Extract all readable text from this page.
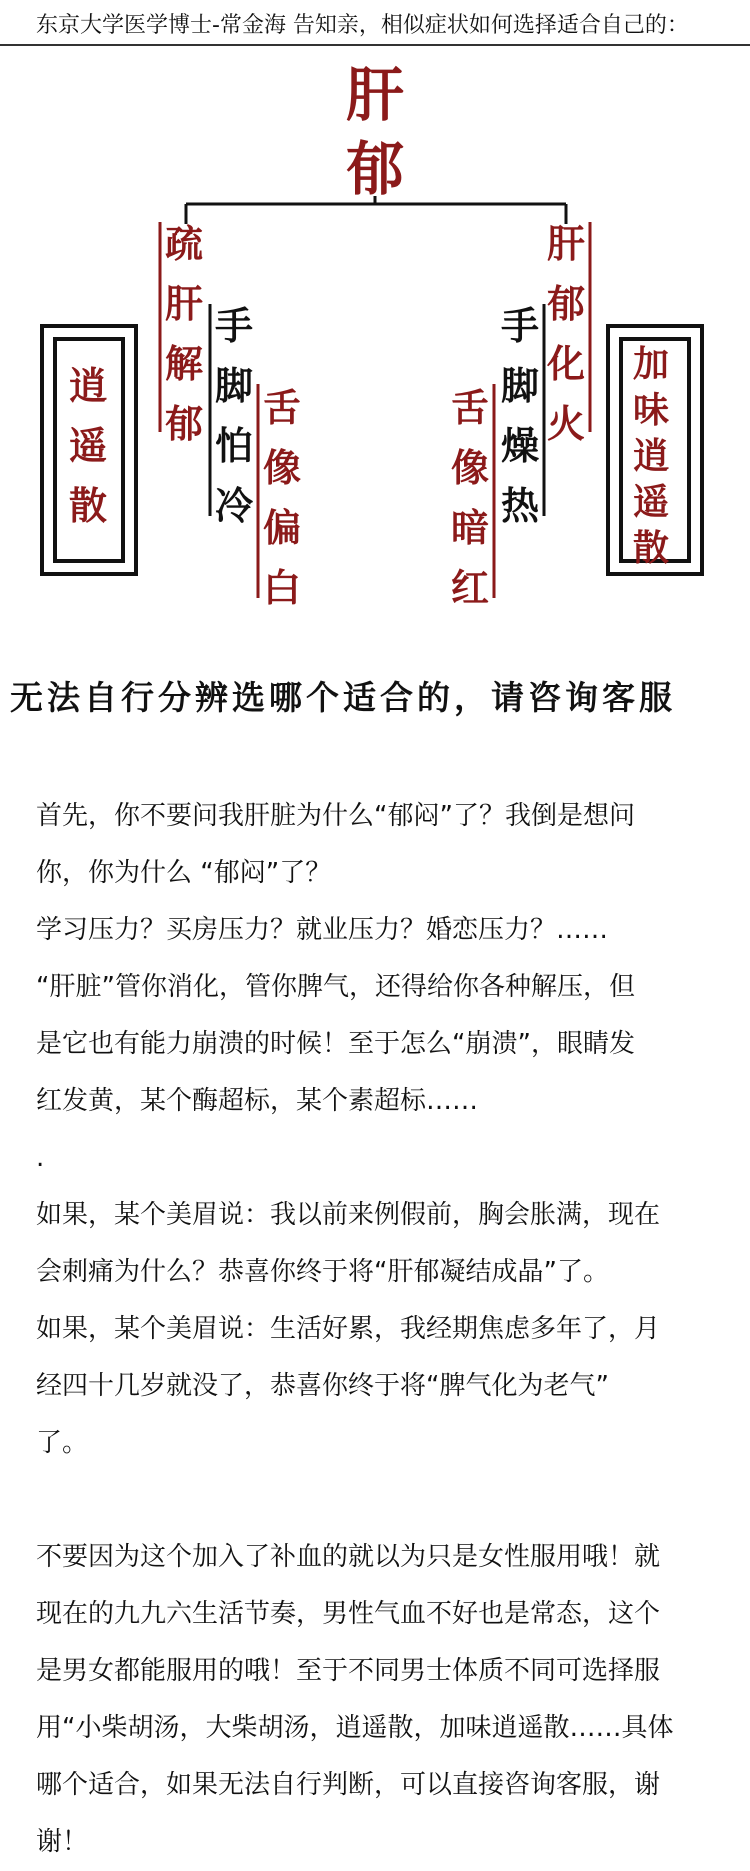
东京大学医学博士-常金海 告知亲，相似症状如何选择适合自己的：
肝
郁
疏
肝
解
郁
手
脚
怕
冷
舌
像
偏
白
逍
遥
散
肝
郁
化
火
手
脚
燥
热
舌
像
暗
红
加
味
逍
遥
散
无法自行分辨选哪个适合的，请咨询客服

首先，你不要问我肝脏为什么“郁闷”了？我倒是想问

你，你为什么 “郁闷”了？

学习压力？买房压力？就业压力？婚恋压力？……

“肝脏”管你消化，管你脾气，还得给你各种解压，但

是它也有能力崩溃的时候！至于怎么“崩溃”，眼睛发

红发黄，某个酶超标，某个素超标……

.

如果，某个美眉说：我以前来例假前，胸会胀满，现在

会刺痛为什么？恭喜你终于将“肝郁凝结成晶”了。

如果，某个美眉说：生活好累，我经期焦虑多年了，月

经四十几岁就没了，恭喜你终于将“脾气化为老气”

了。

不要因为这个加入了补血的就以为只是女性服用哦！就

现在的九九六生活节奏，男性气血不好也是常态，这个

是男女都能服用的哦！至于不同男士体质不同可选择服

用“小柴胡汤，大柴胡汤，逍遥散，加味逍遥散……具体

哪个适合，如果无法自行判断，可以直接咨询客服，谢

谢！
